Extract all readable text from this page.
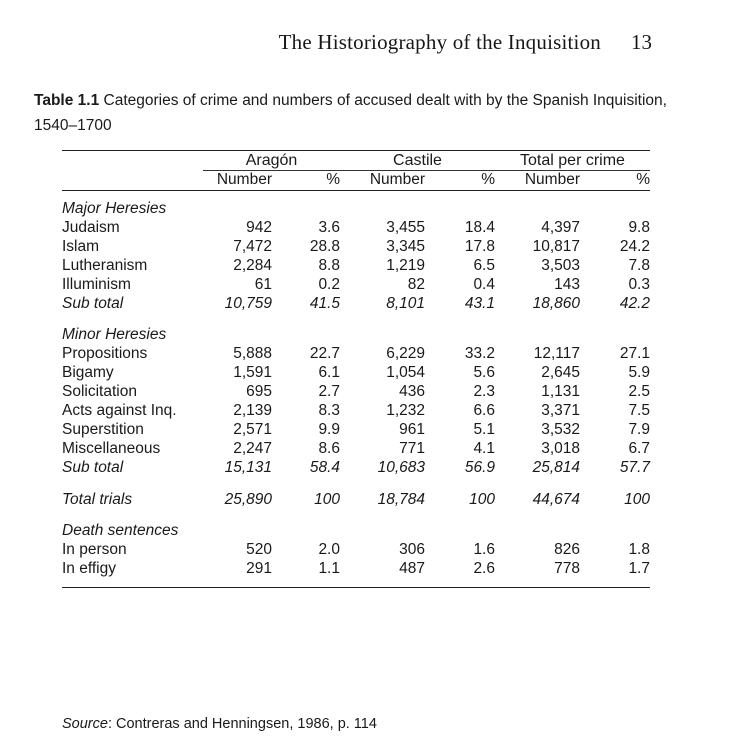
The Historiography of the Inquisition 13
Table 1.1 Categories of crime and numbers of accused dealt with by the Spanish Inquisition, 1540–1700

	Aragón		Castile		Total per crime	
	Number	%	Number	%	Number	%

Major Heresies						
Judaism	942	3.6	3,455	18.4	4,397	9.8
Islam	7,472	28.8	3,345	17.8	10,817	24.2
Lutheranism	2,284	8.8	1,219	6.5	3,503	7.8
Illuminism	61	0.2	82	0.4	143	0.3
Sub total	10,759	41.5	8,101	43.1	18,860	42.2

Minor Heresies						
Propositions	5,888	22.7	6,229	33.2	12,117	27.1
Bigamy	1,591	6.1	1,054	5.6	2,645	5.9
Solicitation	695	2.7	436	2.3	1,131	2.5
Acts against Inq.	2,139	8.3	1,232	6.6	3,371	7.5
Superstition	2,571	9.9	961	5.1	3,532	7.9
Miscellaneous	2,247	8.6	771	4.1	3,018	6.7
Sub total	15,131	58.4	10,683	56.9	25,814	57.7

Total trials	25,890	100	18,784	100	44,674	100

Death sentences						
In person	520	2.0	306	1.6	826	1.8
In effigy	291	1.1	487	2.6	778	1.7

Source: Contreras and Henningsen, 1986, p. 114
